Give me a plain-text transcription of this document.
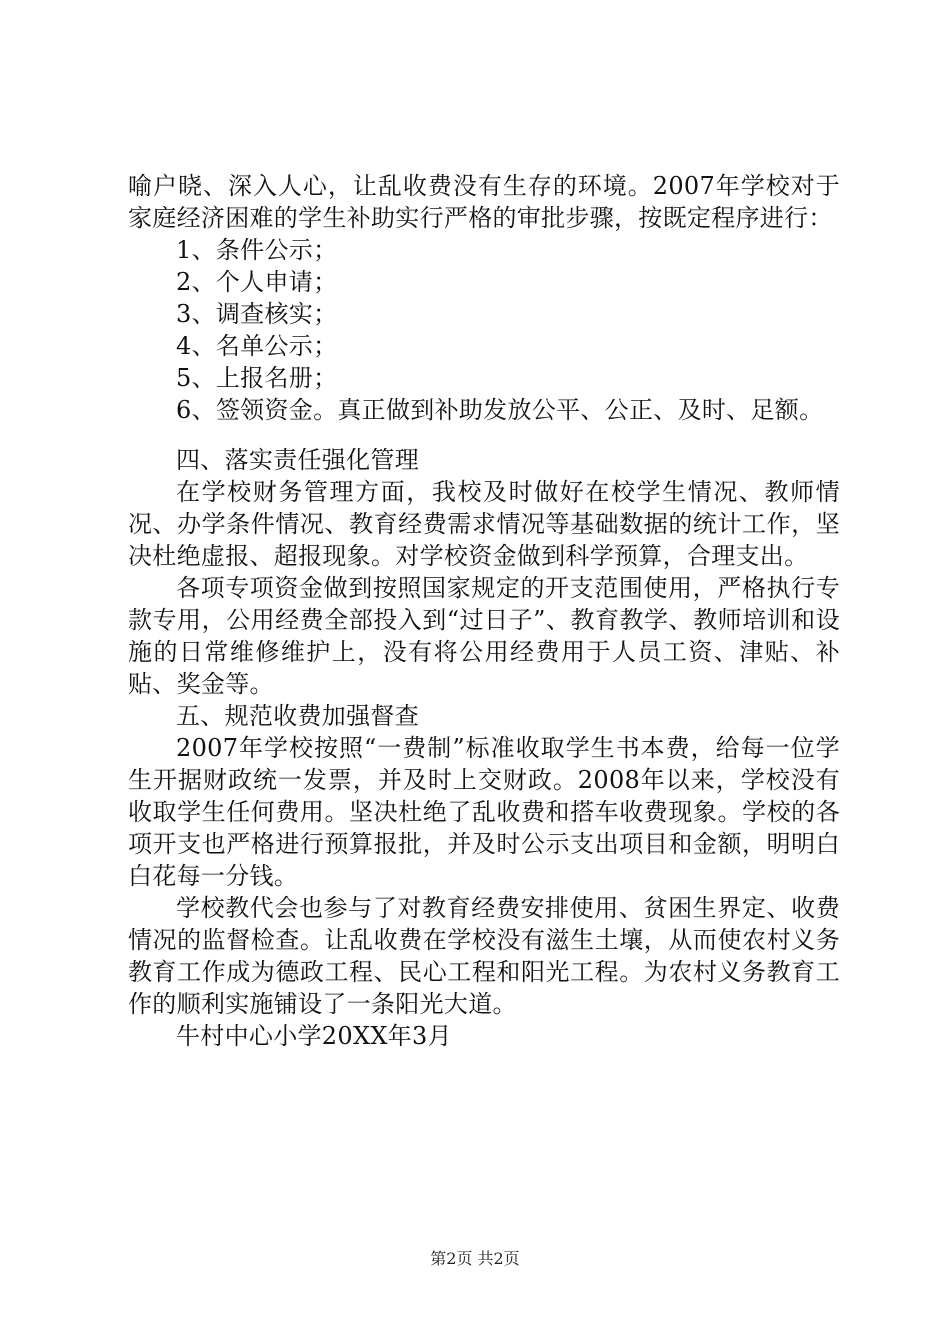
喻户晓、深入人心，让乱收费没有生存的环境。2007年学校对于家庭经济困难的学生补助实行严格的审批步骤，按既定程序进行：

1、条件公示；

2、个人申请；

3、调查核实；

4、名单公示；

5、上报名册；

6、签领资金。真正做到补助发放公平、公正、及时、足额。

四、落实责任强化管理

在学校财务管理方面，我校及时做好在校学生情况、教师情况、办学条件情况、教育经费需求情况等基础数据的统计工作，坚决杜绝虚报、超报现象。对学校资金做到科学预算，合理支出。

各项专项资金做到按照国家规定的开支范围使用，严格执行专款专用，公用经费全部投入到“过日子”、教育教学、教师培训和设施的日常维修维护上，没有将公用经费用于人员工资、津贴、补贴、奖金等。

五、规范收费加强督查

2007年学校按照“一费制”标准收取学生书本费，给每一位学生开据财政统一发票，并及时上交财政。2008年以来，学校没有收取学生任何费用。坚决杜绝了乱收费和搭车收费现象。学校的各项开支也严格进行预算报批，并及时公示支出项目和金额，明明白白花每一分钱。

学校教代会也参与了对教育经费安排使用、贫困生界定、收费情况的监督检查。让乱收费在学校没有滋生土壤，从而使农村义务教育工作成为德政工程、民心工程和阳光工程。为农村义务教育工作的顺利实施铺设了一条阳光大道。

牛村中心小学20XX年3月

第2页 共2页
